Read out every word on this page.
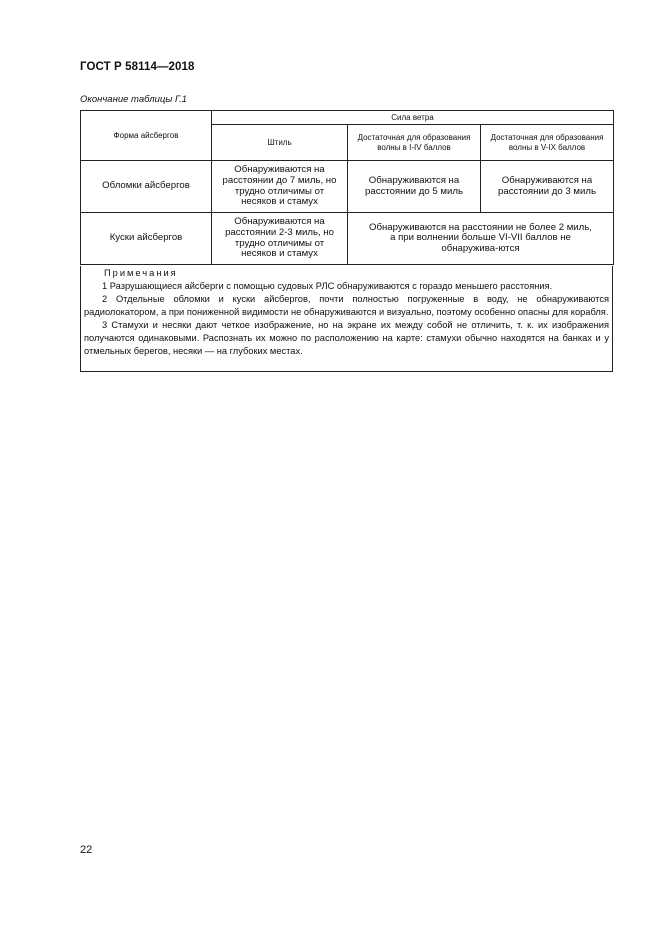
ГОСТ Р 58114—2018
Окончание таблицы Г.1
Форма айсбергов	Сила ветра		
	Штиль	Достаточная для образования волны в I-IV баллов	Достаточная для образования волны в V-IX баллов
Обломки айсбергов	Обнаруживаются на расстоянии до 7 миль, но трудно отличимы от несяков и стамух	Обнаруживаются на расстоянии до 5 миль	Обнаруживаются на расстоянии до 3 миль
Куски айсбергов	Обнаруживаются на расстоянии 2-3 миль, но трудно отличимы от несяков и стамух	Обнаруживаются на расстоянии не более 2 миль, а при волнении больше VI-VII баллов не обнаружива-ются	
Примечания
1 Разрушающиеся айсберги с помощью судовых РЛС обнаруживаются с гораздо меньшего расстояния.
2 Отдельные обломки и куски айсбергов, почти полностью погруженные в воду, не обнаруживаются радиолокатором, а при пониженной видимости не обнаруживаются и визуально, поэтому особенно опасны для корабля.
3 Стамухи и несяки дают четкое изображение, но на экране их между собой не отличить, т. к. их изображения получаются одинаковыми. Распознать их можно по расположению на карте: стамухи обычно находятся на банках и у отмельных берегов, несяки — на глубоких местах.
22
